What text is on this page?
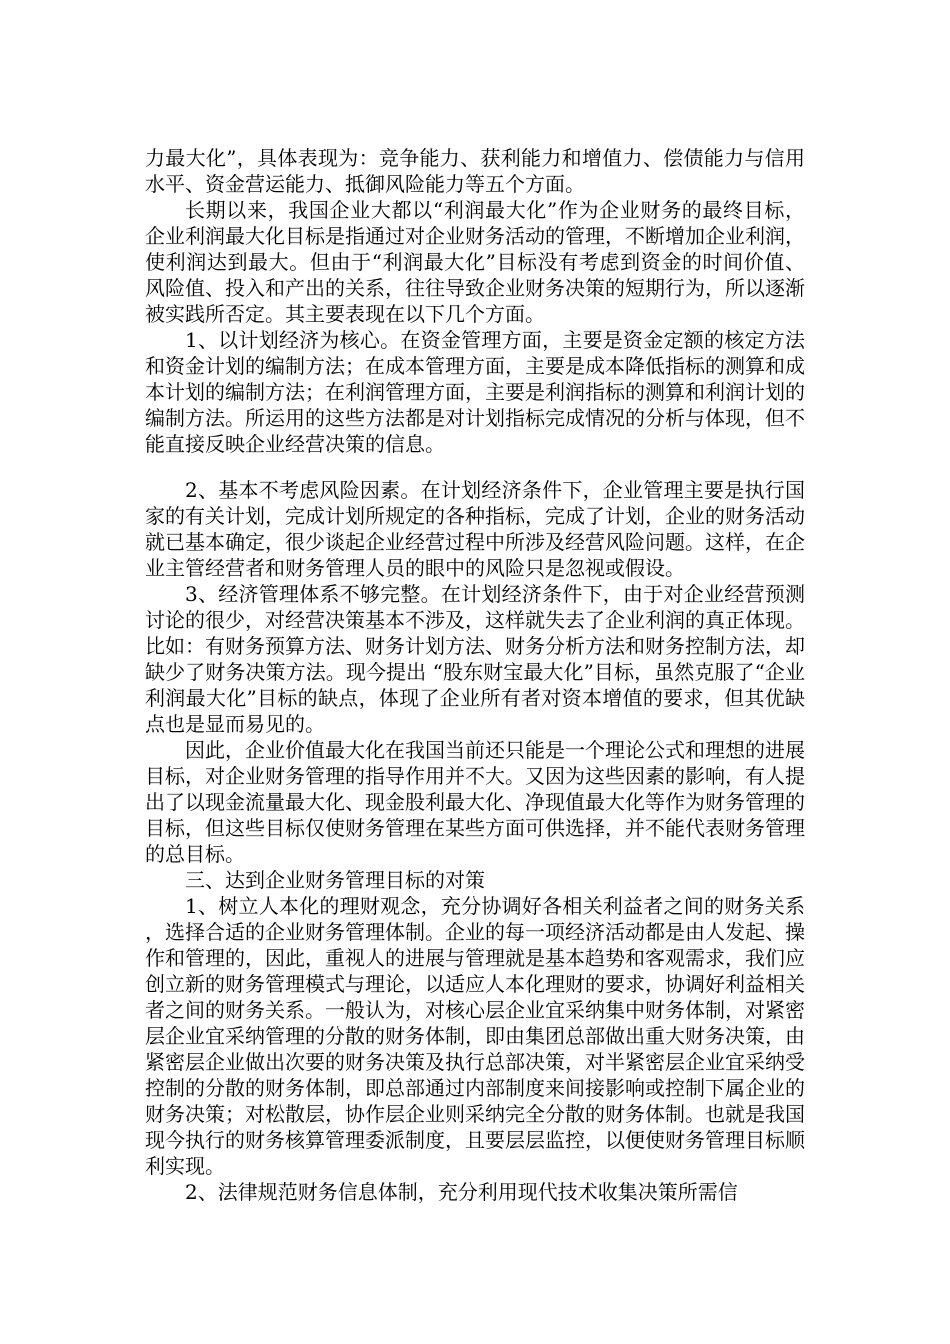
力最大化”，具体表现为：竞争能力、获利能力和增值力、偿债能力与信用水平、资金营运能力、抵御风险能力等五个方面。

长期以来，我国企业大都以“利润最大化”作为企业财务的最终目标，企业利润最大化目标是指通过对企业财务活动的管理，不断增加企业利润，使利润达到最大。但由于“利润最大化”目标没有考虑到资金的时间价值、风险值、投入和产出的关系，往往导致企业财务决策的短期行为，所以逐渐被实践所否定。其主要表现在以下几个方面。

1、以计划经济为核心。在资金管理方面，主要是资金定额的核定方法和资金计划的编制方法；在成本管理方面，主要是成本降低指标的测算和成本计划的编制方法；在利润管理方面，主要是利润指标的测算和利润计划的编制方法。所运用的这些方法都是对计划指标完成情况的分析与体现，但不能直接反映企业经营决策的信息。

2、基本不考虑风险因素。在计划经济条件下，企业管理主要是执行国家的有关计划，完成计划所规定的各种指标，完成了计划，企业的财务活动就已基本确定，很少谈起企业经营过程中所涉及经营风险问题。这样，在企业主管经营者和财务管理人员的眼中的风险只是忽视或假设。

3、经济管理体系不够完整。在计划经济条件下，由于对企业经营预测讨论的很少，对经营决策基本不涉及，这样就失去了企业利润的真正体现。比如：有财务预算方法、财务计划方法、财务分析方法和财务控制方法，却缺少了财务决策方法。现今提出 “股东财宝最大化”目标，虽然克服了“企业利润最大化”目标的缺点，体现了企业所有者对资本增值的要求，但其优缺点也是显而易见的。

因此，企业价值最大化在我国当前还只能是一个理论公式和理想的进展目标，对企业财务管理的指导作用并不大。又因为这些因素的影响，有人提出了以现金流量最大化、现金股利最大化、净现值最大化等作为财务管理的目标，但这些目标仅使财务管理在某些方面可供选择，并不能代表财务管理的总目标。

三、达到企业财务管理目标的对策

1、树立人本化的理财观念，充分协调好各相关利益者之间的财务关系，选择合适的企业财务管理体制。企业的每一项经济活动都是由人发起、操作和管理的，因此，重视人的进展与管理就是基本趋势和客观需求，我们应创立新的财务管理模式与理论，以适应人本化理财的要求，协调好利益相关者之间的财务关系。一般认为，对核心层企业宜采纳集中财务体制，对紧密层企业宜采纳管理的分散的财务体制，即由集团总部做出重大财务决策，由紧密层企业做出次要的财务决策及执行总部决策，对半紧密层企业宜采纳受控制的分散的财务体制，即总部通过内部制度来间接影响或控制下属企业的财务决策；对松散层，协作层企业则采纳完全分散的财务体制。也就是我国现今执行的财务核算管理委派制度，且要层层监控，以便使财务管理目标顺利实现。

2、法律规范财务信息体制，充分利用现代技术收集决策所需信
